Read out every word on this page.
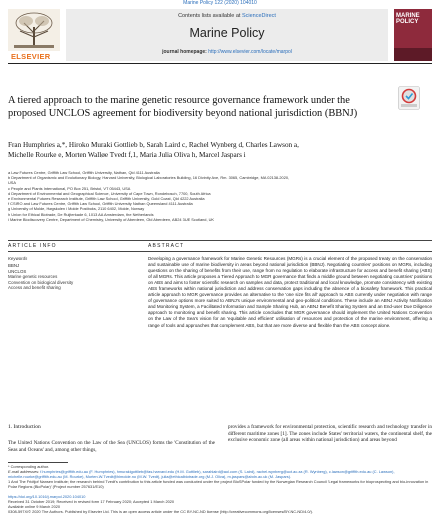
Marine Policy 122 (2020) 104010
ELSEVIER
Contents lists available at ScienceDirect
Marine Policy
journal homepage: http://www.elsevier.com/locate/marpol
MARINE POLICY
A tiered approach to the marine genetic resource governance framework under the proposed UNCLOS agreement for biodiversity beyond national jurisdiction (BBNJ)
Fran Humphries a,*, Hiroko Muraki Gottlieb b, Sarah Laird c, Rachel Wynberg d, Charles Lawson a,
Michelle Rourke e, Morten Walløe Tvedt f,1, Maria Julia Oliva h, Marcel Jaspars i
a Law Futures Centre, Griffith Law School, Griffith University, Nathan, Qld 4111 Australia
b Department of Organismic and Evolutionary Biology, Harvard University, Biological Laboratories Building, 16 Divinity Ave, Rm. 3065, Cambridge, MA 02138-2020,
USA
c People and Plants International, PO Box 251, Bristol, VT 05443, USA
d Department of Environmental and Geographical Science, University of Cape Town, Rondebosch, 7700, South Africa
e Environmental Futures Research Institute, Griffith Law School, Griffith University, Gold Coast, Qld 4222 Australia
f CSIRO and Law Futures Centre, Griffith Law School, Griffith University Nathan Queensland 4111 Australia
g University of Molde, Høgskolen i Molde Postboks, 2110 6402, Molde, Norway
h Union for Ethical Biotrade, De Ruijterkade 6, 1013 AA Amsterdam, the Netherlands
i Marine Biodiscovery Centre, Department of Chemistry, University of Aberdeen, Old Aberdeen, AB24 3UE Scotland, UK
ARTICLE INFO	ABSTRACT
Keywords
BBNJ
UNCLOS
Marine genetic resources
Convention on biological diversity
Access and benefit sharing
Developing a governance framework for Marine Genetic Resources (MGRs) is a crucial element of the proposed treaty on the conservation and sustainable use of marine biodiversity in areas beyond national jurisdiction (BBNJ). Negotiating countries' positions on MGRs, including questions on the sharing of benefits from their use, range from no regulation to elaborate infrastructure for access and benefit sharing (ABS) of all MGRs. This article proposes a Tiered Approach to MGR governance that finds a middle ground between negotiating countries' positions on ABS and aims to foster scientific research on samples and data, protect traditional and local knowledge, promote consistency with existing ABS frameworks within national jurisdiction and address conservation gaps including the absence of a biosafety framework. This practical article approach to MGR governance provides an alternative to the 'one size fits all' approach to ABS currently under negotiation with range of governance options more suited to ABNJ's unique environmental and geo-political conditions. These include an ABNJ Activity Notification and Monitoring System, a Facilitated Information and Sample Sharing Hub, an ABNJ Benefit Sharing System and an End-user Due Diligence approach to monitoring and benefit sharing. This article concludes that MGR governance should implement the United Nations Convention on the Law of the Sea's vision for an 'equitable and efficient' utilisation of resources and protection of the marine environment, offering a range of tools and approaches that complement ABS, but that are more diverse and flexible than the ABS concept alone.
1. Introduction
The United Nations Convention on the Law of the Sea (UNCLOS) forms the 'Constitution of the Seas and Oceans' and, among other things,
provides a framework for environmental protection, scientific research and technology transfer in different maritime zones [1]. The zones include States' territorial waters, the continental shelf, the exclusive economic zone (all areas within national jurisdiction) and areas beyond
* Corresponding author.
E-mail addresses: f.humphries@griffith.edu.au (F. Humphries), hmurakigottlieb@fas.harvard.edu (H.M. Gottlieb), sarahlaird@aol.com (S. Laird), rachel.wynberg@uct.ac.za (R. Wynberg), c.lawson@griffith.edu.au (C. Lawson), michelle.rourke@griffith.edu.au (M. Rourke), Morten.W.Tvedt@himolde.no (M.W. Tvedt), julia@ethicalbiotrade.org (M.J. Oliva), m.jaspars@abdn.ac.uk (M. Jaspars).
1 And The Fridtjof Nansen Institute; the research behind Tvedt's contribution to this article funded was conducted under the project BioSPolar funded by the Norwegian Research Council 'Legal frameworks for bioprospecting and bio-innovation in Polar Regions (BioPolar)' (Project number 257631/E10)
https://doi.org/10.1016/j.marpol.2020.104010
Received 31 October 2019; Received in revised form 17 February 2020; Accepted 1 March 2020
Available online 9 March 2020
0308-597X/© 2020 The Authors. Published by Elsevier Ltd. This is an open access article under the CC BY-NC-ND license (http://creativecommons.org/licenses/BY-NC-ND/4.0/).
